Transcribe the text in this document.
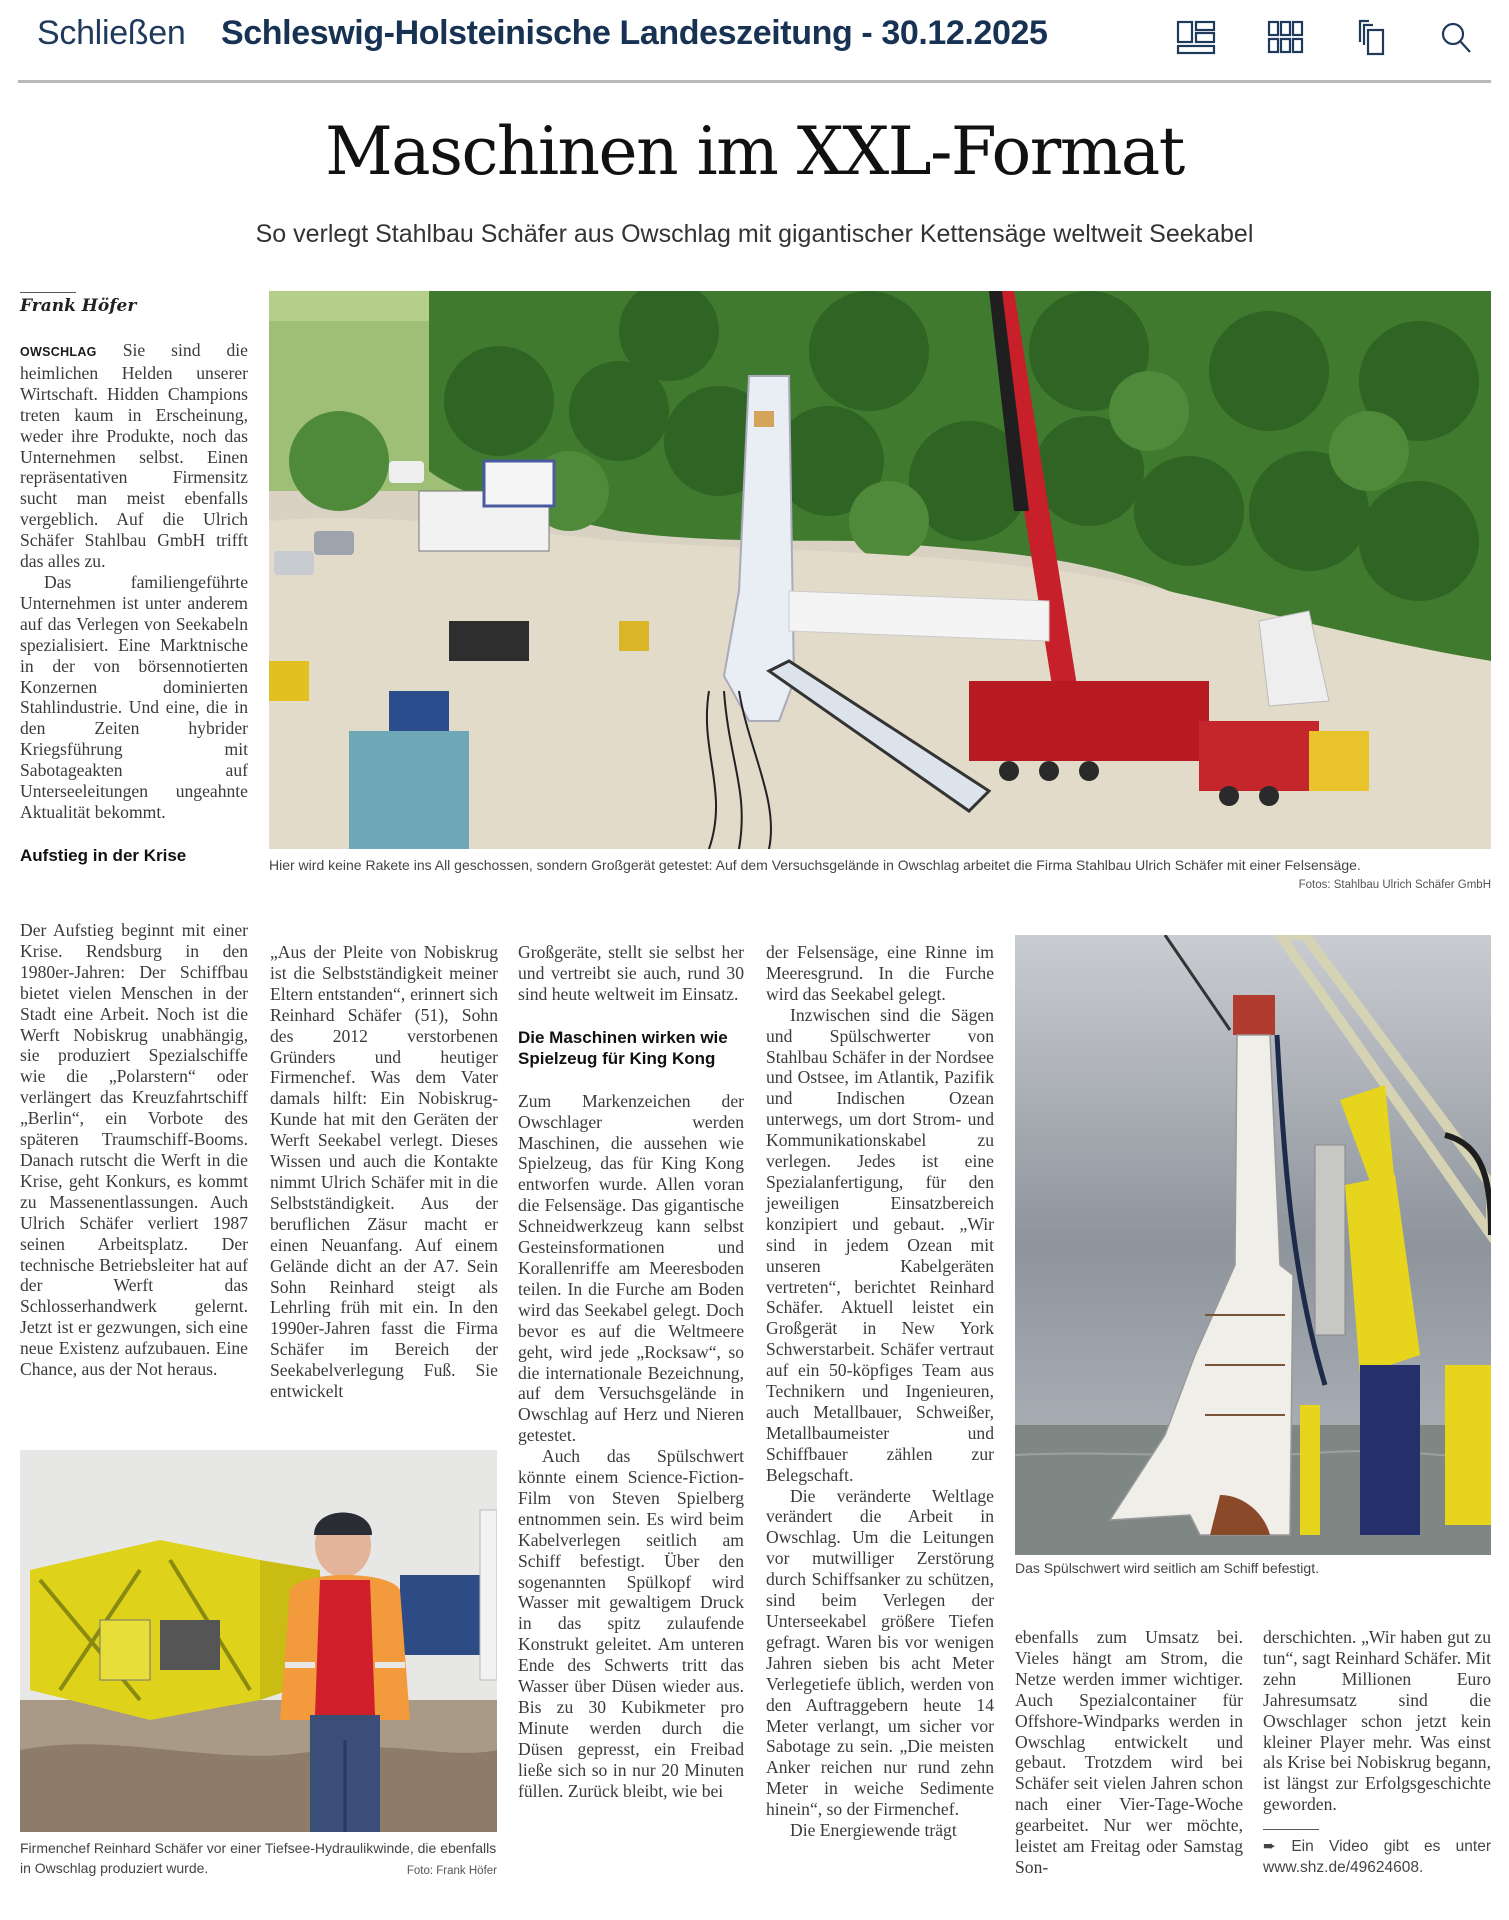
Schließen Schleswig-Holsteinische Landeszeitung - 30.12.2025
Maschinen im XXL-Format
So verlegt Stahlbau Schäfer aus Owschlag mit gigantischer Kettensäge weltweit Seekabel
Frank Höfer

OWSCHLAG Sie sind die heimlichen Helden unserer Wirtschaft. Hidden Champions treten kaum in Erscheinung, weder ihre Produkte, noch das Unternehmen selbst. Einen repräsentativen Firmensitz sucht man meist ebenfalls vergeblich. Auf die Ulrich Schäfer Stahlbau GmbH trifft das alles zu.

Das familiengeführte Unternehmen ist unter anderem auf das Verlegen von Seekabeln spezialisiert. Eine Marktnische in der von börsennotierten Konzernen dominierten Stahlindustrie. Und eine, die in den Zeiten hybrider Kriegsführung mit Sabotageakten auf Unterseeleitungen ungeahnte Aktualität bekommt.

Aufstieg in der Krise
Hier wird keine Rakete ins All geschossen, sondern Großgerät getestet: Auf dem Versuchsgelände in Owschlag arbeitet die Firma Stahlbau Ulrich Schäfer mit einer Felsensäge.
Fotos: Stahlbau Ulrich Schäfer GmbH

Der Aufstieg beginnt mit einer Krise. Rendsburg in den 1980er-Jahren: Der Schiffbau bietet vielen Menschen in der Stadt eine Arbeit. Noch ist die Werft Nobiskrug unabhängig, sie produziert Spezialschiffe wie die „Polarstern“ oder verlängert das Kreuzfahrtschiff „Berlin“, ein Vorbote des späteren Traumschiff-Booms. Danach rutscht die Werft in die Krise, geht Konkurs, es kommt zu Massenentlassungen. Auch Ulrich Schäfer verliert 1987 seinen Arbeitsplatz. Der technische Betriebsleiter hat auf der Werft das Schlosserhandwerk gelernt. Jetzt ist er gezwungen, sich eine neue Existenz aufzubauen. Eine Chance, aus der Not heraus.

„Aus der Pleite von Nobiskrug ist die Selbstständigkeit meiner Eltern entstanden“, erinnert sich Reinhard Schäfer (51), Sohn des 2012 verstorbenen Gründers und heutiger Firmenchef. Was dem Vater damals hilft: Ein Nobiskrug-Kunde hat mit den Geräten der Werft Seekabel verlegt. Dieses Wissen und auch die Kontakte nimmt Ulrich Schäfer mit in die Selbstständigkeit. Aus der beruflichen Zäsur macht er einen Neuanfang. Auf einem Gelände dicht an der A7. Sein Sohn Reinhard steigt als Lehrling früh mit ein. In den 1990er-Jahren fasst die Firma Schäfer im Bereich der Seekabelverlegung Fuß. Sie entwickelt

Firmenchef Reinhard Schäfer vor einer Tiefsee-Hydraulikwinde, die ebenfalls in Owschlag produziert wurde.	Foto: Frank Höfer

Großgeräte, stellt sie selbst her und vertreibt sie auch, rund 30 sind heute weltweit im Einsatz.

Die Maschinen wirken wie Spielzeug für King Kong

Zum Markenzeichen der Owschlager werden Maschinen, die aussehen wie Spielzeug, das für King Kong entworfen wurde. Allen voran die Felsensäge. Das gigantische Schneidwerkzeug kann selbst Gesteinsformationen und Korallenriffe am Meeresboden teilen. In die Furche am Boden wird das Seekabel gelegt. Doch bevor es auf die Weltmeere geht, wird jede „Rocksaw“, so die internationale Bezeichnung, auf dem Versuchsgelände in Owschlag auf Herz und Nieren getestet.

Auch das Spülschwert könnte einem Science-Fiction-Film von Steven Spielberg entnommen sein. Es wird beim Kabelverlegen seitlich am Schiff befestigt. Über den sogenannten Spülkopf wird Wasser mit gewaltigem Druck in das spitz zulaufende Konstrukt geleitet. Am unteren Ende des Schwerts tritt das Wasser über Düsen wieder aus. Bis zu 30 Kubikmeter pro Minute werden durch die Düsen gepresst, ein Freibad ließe sich so in nur 20 Minuten füllen. Zurück bleibt, wie bei

der Felsensäge, eine Rinne im Meeresgrund. In die Furche wird das Seekabel gelegt.

Inzwischen sind die Sägen und Spülschwerter von Stahlbau Schäfer in der Nordsee und Ostsee, im Atlantik, Pazifik und Indischen Ozean unterwegs, um dort Strom- und Kommunikationskabel zu verlegen. Jedes ist eine Spezialanfertigung, für den jeweiligen Einsatzbereich konzipiert und gebaut. „Wir sind in jedem Ozean mit unseren Kabelgeräten vertreten“, berichtet Reinhard Schäfer. Aktuell leistet ein Großgerät in New York Schwerstarbeit. Schäfer vertraut auf ein 50-köpfiges Team aus Technikern und Ingenieuren, auch Metallbauer, Schweißer, Metallbaumeister und Schiffbauer zählen zur Belegschaft.

Die veränderte Weltlage verändert die Arbeit in Owschlag. Um die Leitungen vor mutwilliger Zerstörung durch Schiffsanker zu schützen, sind beim Verlegen der Unterseekabel größere Tiefen gefragt. Waren bis vor wenigen Jahren sieben bis acht Meter Verlegetiefe üblich, werden von den Auftraggebern heute 14 Meter verlangt, um sicher vor Sabotage zu sein. „Die meisten Anker reichen nur rund zehn Meter in weiche Sedimente hinein“, so der Firmenchef.

Die Energiewende trägt

Das Spülschwert wird seitlich am Schiff befestigt.

ebenfalls zum Umsatz bei. Vieles hängt am Strom, die Netze werden immer wichtiger. Auch Spezialcontainer für Offshore-Windparks werden in Owschlag entwickelt und gebaut. Trotzdem wird bei Schäfer seit vielen Jahren schon nach einer Vier-Tage-Woche gearbeitet. Nur wer möchte, leistet am Freitag oder Samstag Son-

derschichten. „Wir haben gut zu tun“, sagt Reinhard Schäfer. Mit zehn Millionen Euro Jahresumsatz sind die Owschlager schon jetzt kein kleiner Player mehr. Was einst als Krise bei Nobiskrug begann, ist längst zur Erfolgsgeschichte geworden.

➨ Ein Video gibt es unter www.shz.de/49624608.
